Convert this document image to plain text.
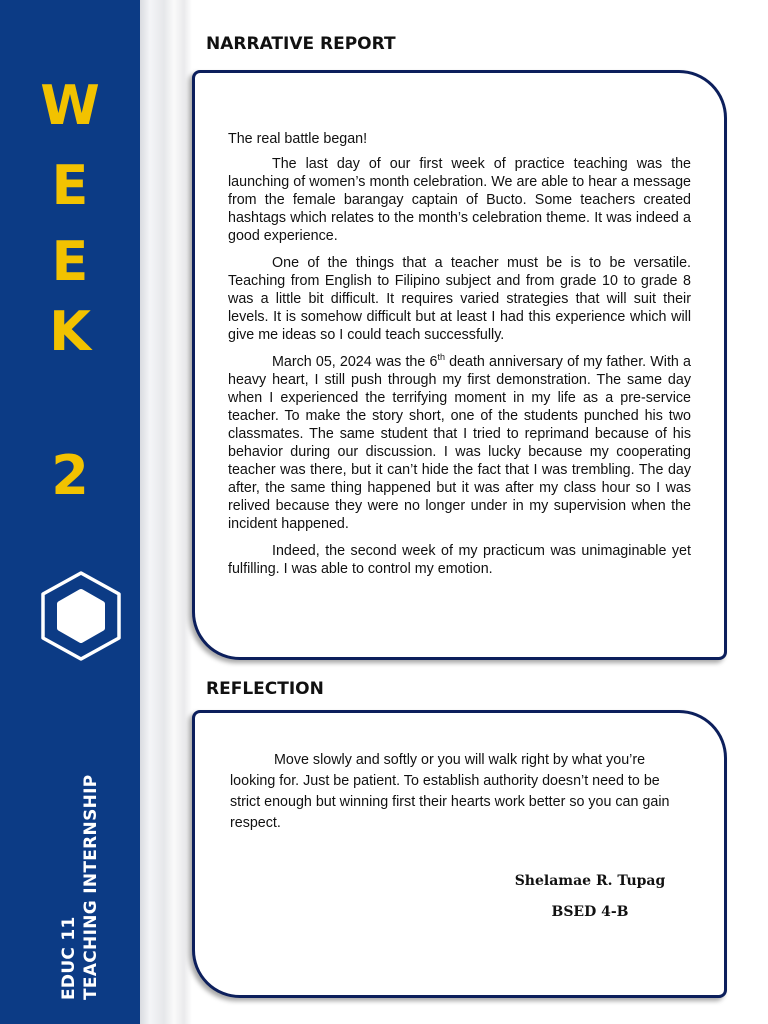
W
E
E
K
2
EDUC 11 TEACHING INTERNSHIP
NARRATIVE REPORT

The real battle began!

The last day of our first week of practice teaching was the launching of women’s month celebration. We are able to hear a message from the female barangay captain of Bucto. Some teachers created hashtags which relates to the month’s celebration theme. It was indeed a good experience.

One of the things that a teacher must be is to be versatile. Teaching from English to Filipino subject and from grade 10 to grade 8 was a little bit difficult. It requires varied strategies that will suit their levels. It is somehow difficult but at least I had this experience which will give me ideas so I could teach successfully.

March 05, 2024 was the 6th death anniversary of my father. With a heavy heart, I still push through my first demonstration. The same day when I experienced the terrifying moment in my life as a pre-service teacher. To make the story short, one of the students punched his two classmates. The same student that I tried to reprimand because of his behavior during our discussion. I was lucky because my cooperating teacher was there, but it can’t hide the fact that I was trembling. The day after, the same thing happened but it was after my class hour so I was relived because they were no longer under in my supervision when the incident happened.

Indeed, the second week of my practicum was unimaginable yet fulfilling. I was able to control my emotion.

REFLECTION

Move slowly and softly or you will walk right by what you’re looking for. Just be patient. To establish authority doesn’t need to be strict enough but winning first their hearts work better so you can gain respect.

Shelamae R. Tupag
BSED 4-B
